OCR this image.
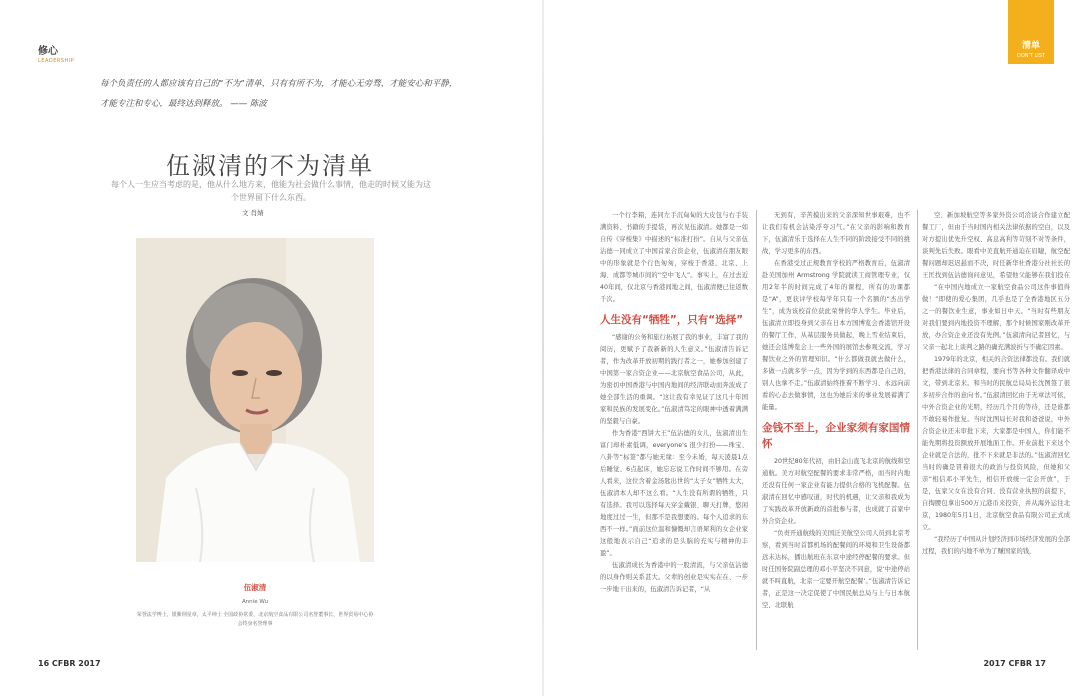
修心
LEADERSHIP
每个负责任的人都应该有自己的“不为”清单，只有有所不为，才能心无旁骛，才能安心和平静，才能专注和专心，最终达到释放。 —— 陈波
伍淑清的不为清单
每个人一生应当考虑的是，他从什么地方来，他能为社会做什么事情，他走的时候又能为这个世界留下什么东西。
文 肖婧
伍淑清
Annie Wu
荣誉法学博士，银紫荆星章，太平绅士 全国政协常委，北京航空食品有限公司名誉董事长，世界贸易中心协会终身名誉理事
16 CFBR 2017
清单
DON'T LIST

一个行李箱，连同左手沉甸甸的大皮包与右手装满资料、书籍的手提袋，再次见伍淑清。她都是一如自传《穿梭集》中描述的“标准打扮”。自从与父亲伍沾德一同成立了中国首家合资企业，伍淑清在朋友眼中的形象就是个行色匆匆，穿梭于香港、北京、上海、成都等城市间的“空中飞人”。事实上，在过去近40年间，仅北京与香港间地之间，伍淑清便已往返数千次。

人生没有“牺牲”，只有“选择”

“感谢的公务和旅行拓展了我的事业，丰富了我的阅历，更赋予了我新新的人生意义。”伍淑清告诉记者，作为改革开放初期的践行者之一，她参加创建了中国第一家合资企业——北京航空食品公司，从此，为密切中国香港与中国内地间的经济联动而奔波成了她全部生活的重调。“这让我有幸见证了这几十年国家和民族的发展变化。”伍淑清笃定的眼神中透着满满的坚毅与自豪。

作为香港“西饼大王”伍沾德的女儿，伍淑清出生富门却朴素低调，everyone's 很少打扮——珠宝、八卦等“标签”都与她无缘：至今未婚，每天凌晨1点后睡觉、6点起床，她忘忘说工作时间不够用。在旁人看来，这位含着金汤匙出世的“太子女”牺牲太大，伍淑清本人却不这么看。“人生没有所谓的牺牲，只有选择。我可以选择每天穿金戴银、聊天打牌，悠闲地度过过一生，但那不是我想要的。每个人追求的东西不一样。”面前这位温和慷慨却言语犀利的女企业家这般地表示自己“追求的是头脑的充实与精神的丰盈”。

伍淑清成长为香港中的一股清流，与父亲伍沾德的以身作则关系甚大。父辈的创业是实实在在、一步一步地干出来的，伍淑清告诉记者，“从

无到有，辛苦摸出来的父亲深知世事艰难，也不让我们有机会沾染浮夸习气。”在父亲的影响和教育下，伍淑清乐于选择在人生不同的阶段接受不同的挑战，学习更多的东西。

在香港受过正规教育学校的严格教育后，伍淑清赴美国加州 Armstrong 学院就读工商管理专业，仅用2年半的时间完成了4年的课程，所有的功课都是“A”，更获评学校每学年只有一个名额的“杰出学生”，成为该校首位获此荣誉的华人学生。毕业后，伍淑清立即投身到父亲在日本方国博览会香港馆开设的餐厅工作，从基层服务员做起，晚上雪业结束后，她还会选博览会上一些外国的展馆去参观交流，学习餐饮业之外的管理知识。“什么都做我就去做什么，多做一点就多学一点，因为学到的东西都是自己的，别人也拿不走。”伍淑清始终推着不断学习、永远向前看的心态去做事情，这也为她后来的事业发展蓄满了能量。

金钱不至上，企业家须有家国情怀

20世纪80年代初，由旧金山直飞北京的航线和空通航。美方对航空配餐的要求非常严格，而当时内地还没有任何一家企业有能力提供合格的飞机配餐。伍淑清在回忆中感叹道，时代的机遇，让父亲和我成为了实践改革开放新政的首批参与者，也成就了首家中外合资企业。

“负责开通航线的美国泛美航空公司人员到北京考察，看到当时首都机场的配餐间的环境和卫生设备都远未达标，播出航班在东京中途经停配餐的要求。但时任国务院副总理的邓小平坚决不同意，说‘中途停站就不叫直航，北京一定要开航空配餐’。”伍淑清告诉记者，正是这一决定促使了中国民航总局与上与日本航空、北联航

空、新加坡航空等多家外资公司洽谈合作建立配餐工厂，但由于当时国内相关法律依据的空白，以及对方提出优先升空权、高息高利等苛刻不对等条件，谈判先后失败。眼看中美直航开通迫在眉睫，航空配餐问题却迟迟悬而不决，时任新华社香港分社社长的王匡找到伍沾德询问意见，希望他父能够在我们投在

“在中国内地成立一家航空食品公司这件事值得做！”即使的爱心集团，几乎也是了全香港地区五分之一的餐饮业生意，事业如日中天。“当时有些朋友对我们要到内地投资不理解，那个时候国家刚改革开放，办合资企业还没有先例。”伍淑清向记者回忆，与父亲一起北上谈判之路的确充满波折与不确定因素。

1979年的北京，相关的合资法律都没有。我们就把香港法律的合同章程，要向书等各种文件翻译成中文，带到北京来。和当时的民航总局局长沈图签了很多初步合作的意向书。”伍淑清回忆由于无章法可依，中外合资企业的光明，经历几个月的等待，还是谁都不敢轻易作批复。当时沈图局长对我和爸爸说，中外合资企业还未审批下来，大家都是中国人，你们能不能先期将投资额放开展地面工作。开业前批下来这个企业就是合法的，批不下来就是非法的。”伍淑清回忆当时的确是冒着很大的政治与投资风险，但她和父亲“相信邓小平先生，相信开放统一定会开放”，于是，伍家父女在没有合同、没有营业执照的前提下，自掏腰包拿出500万元港币来投资，并从海外运往北京，1980年5月1日，北京航空食品有限公司正式成立。

“我经历了中国从计划经济到市场经济发展的全部过程，我们的内地不单为了赚国家的钱，

2017 CFBR 17
